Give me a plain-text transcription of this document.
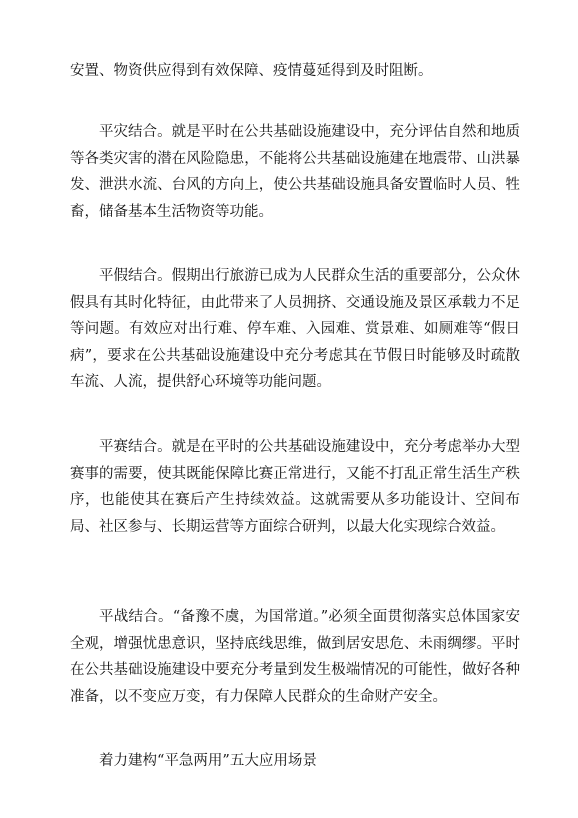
安置、物资供应得到有效保障、疫情蔓延得到及时阻断。

平灾结合。就是平时在公共基础设施建设中，充分评估自然和地质等各类灾害的潜在风险隐患，不能将公共基础设施建在地震带、山洪暴发、泄洪水流、台风的方向上，使公共基础设施具备安置临时人员、牲畜，储备基本生活物资等功能。

平假结合。假期出行旅游已成为人民群众生活的重要部分，公众休假具有其时化特征，由此带来了人员拥挤、交通设施及景区承载力不足等问题。有效应对出行难、停车难、入园难、赏景难、如厕难等“假日病”，要求在公共基础设施建设中充分考虑其在节假日时能够及时疏散车流、人流，提供舒心环境等功能问题。

平赛结合。就是在平时的公共基础设施建设中，充分考虑举办大型赛事的需要，使其既能保障比赛正常进行，又能不打乱正常生活生产秩序，也能使其在赛后产生持续效益。这就需要从多功能设计、空间布局、社区参与、长期运营等方面综合研判，以最大化实现综合效益。

平战结合。“备豫不虞，为国常道。”必须全面贯彻落实总体国家安全观，增强忧患意识，坚持底线思维，做到居安思危、未雨绸缪。平时在公共基础设施建设中要充分考量到发生极端情况的可能性，做好各种准备，以不变应万变，有力保障人民群众的生命财产安全。

着力建构“平急两用”五大应用场景
